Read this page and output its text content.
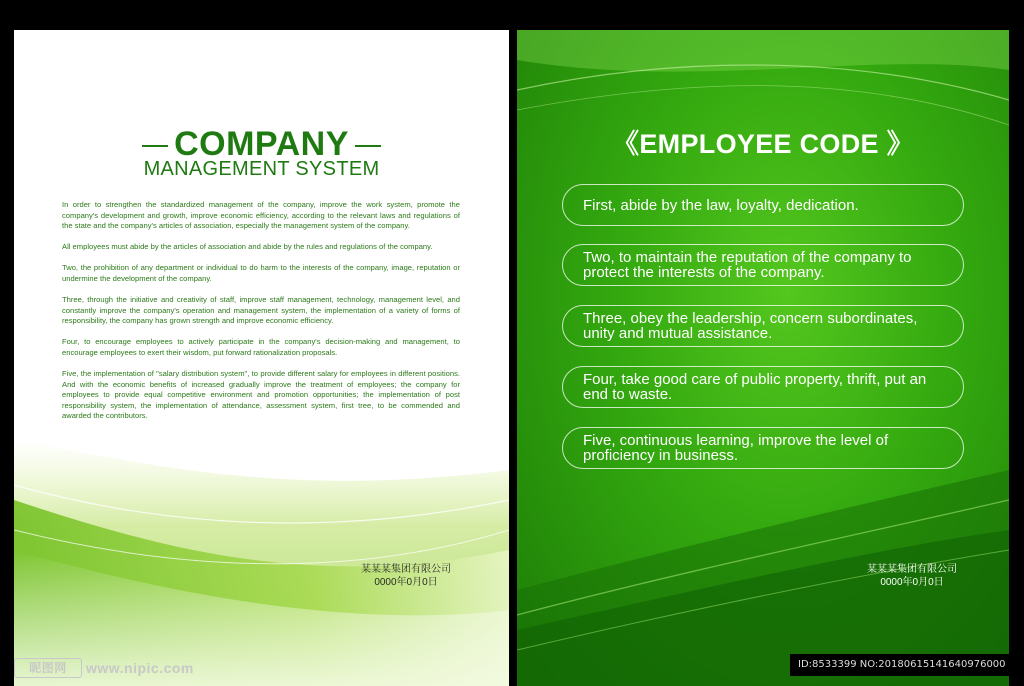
COMPANY
MANAGEMENT SYSTEM

In order to strengthen the standardized management of the company, improve the work system, promote the company's development and growth, improve economic efficiency, according to the relevant laws and regulations of the state and the company's articles of association, especially the management system of the company.

All employees must abide by the articles of association and abide by the rules and regulations of the company.

Two, the prohibition of any department or individual to do harm to the interests of the company, image, reputation or undermine the development of the company.

Three, through the initiative and creativity of staff, improve staff management, technology, management level, and constantly improve the company's operation and management system, the implementation of a variety of forms of responsibility, the company has grown strength and improve economic efficiency.

Four, to encourage employees to actively participate in the company's decision-making and management, to encourage employees to exert their wisdom, put forward rationalization proposals.

Five, the implementation of "salary distribution system", to provide different salary for employees in different positions. And with the economic benefits of increased gradually improve the treatment of employees; the company for employees to provide equal competitive environment and promotion opportunities; the implementation of post responsibility system, the implementation of attendance, assessment system, first tree, to be commended and awarded the contributors.

某某某集团有限公司
0000年0月0日
昵图网	www.nipic.com
《EMPLOYEE CODE 》
First, abide by the law, loyalty, dedication.
Two, to maintain the reputation of the company to protect the interests of the company.
Three, obey the leadership, concern subordinates, unity and mutual assistance.
Four, take good care of public property, thrift, put an end to waste.
Five, continuous learning, improve the level of proficiency in business.
某某某集团有限公司
0000年0月0日
ID:8533399 NO:20180615141640976000
